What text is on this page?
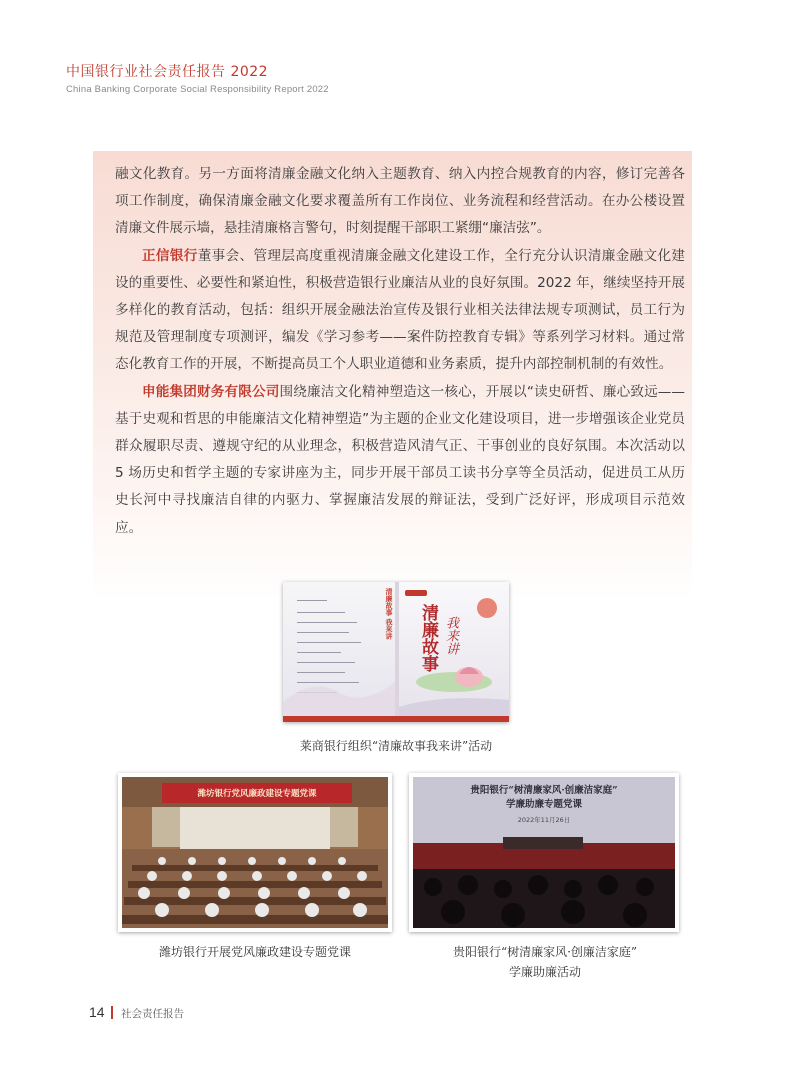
中国银行业社会责任报告 2022
China Banking Corporate Social Responsibility Report 2022

融文化教育。另一方面将清廉金融文化纳入主题教育、纳入内控合规教育的内容，修订完善各项工作制度，确保清廉金融文化要求覆盖所有工作岗位、业务流程和经营活动。在办公楼设置清廉文件展示墙，悬挂清廉格言警句，时刻提醒干部职工紧绷“廉洁弦”。

正信银行董事会、管理层高度重视清廉金融文化建设工作，全行充分认识清廉金融文化建设的重要性、必要性和紧迫性，积极营造银行业廉洁从业的良好氛围。2022 年，继续坚持开展多样化的教育活动，包括：组织开展金融法治宣传及银行业相关法律法规专项测试，员工行为规范及管理制度专项测评，编发《学习参考——案件防控教育专辑》等系列学习材料。通过常态化教育工作的开展，不断提高员工个人职业道德和业务素质，提升内部控制机制的有效性。

申能集团财务有限公司围绕廉洁文化精神塑造这一核心，开展以“读史研哲、廉心致远——基于史观和哲思的申能廉洁文化精神塑造”为主题的企业文化建设项目，进一步增强该企业党员群众履职尽责、遵规守纪的从业理念，积极营造风清气正、干事创业的良好氛围。本次活动以 5 场历史和哲学主题的专家讲座为主，同步开展干部员工读书分享等全员活动，促进员工从历史长河中寻找廉洁自律的内驱力、掌握廉洁发展的辩证法，受到广泛好评，形成项目示范效应。

清廉故事 我来讲 清廉故事 我来讲
莱商银行组织“清廉故事我来讲”活动
潍坊银行党风廉政建设专题党课
潍坊银行开展党风廉政建设专题党课
贵阳银行“树清廉家风·创廉洁家庭”
学廉助廉专题党课
2022年11月26日
贵阳银行“树清廉家风·创廉洁家庭”
学廉助廉活动
14 社会责任报告
